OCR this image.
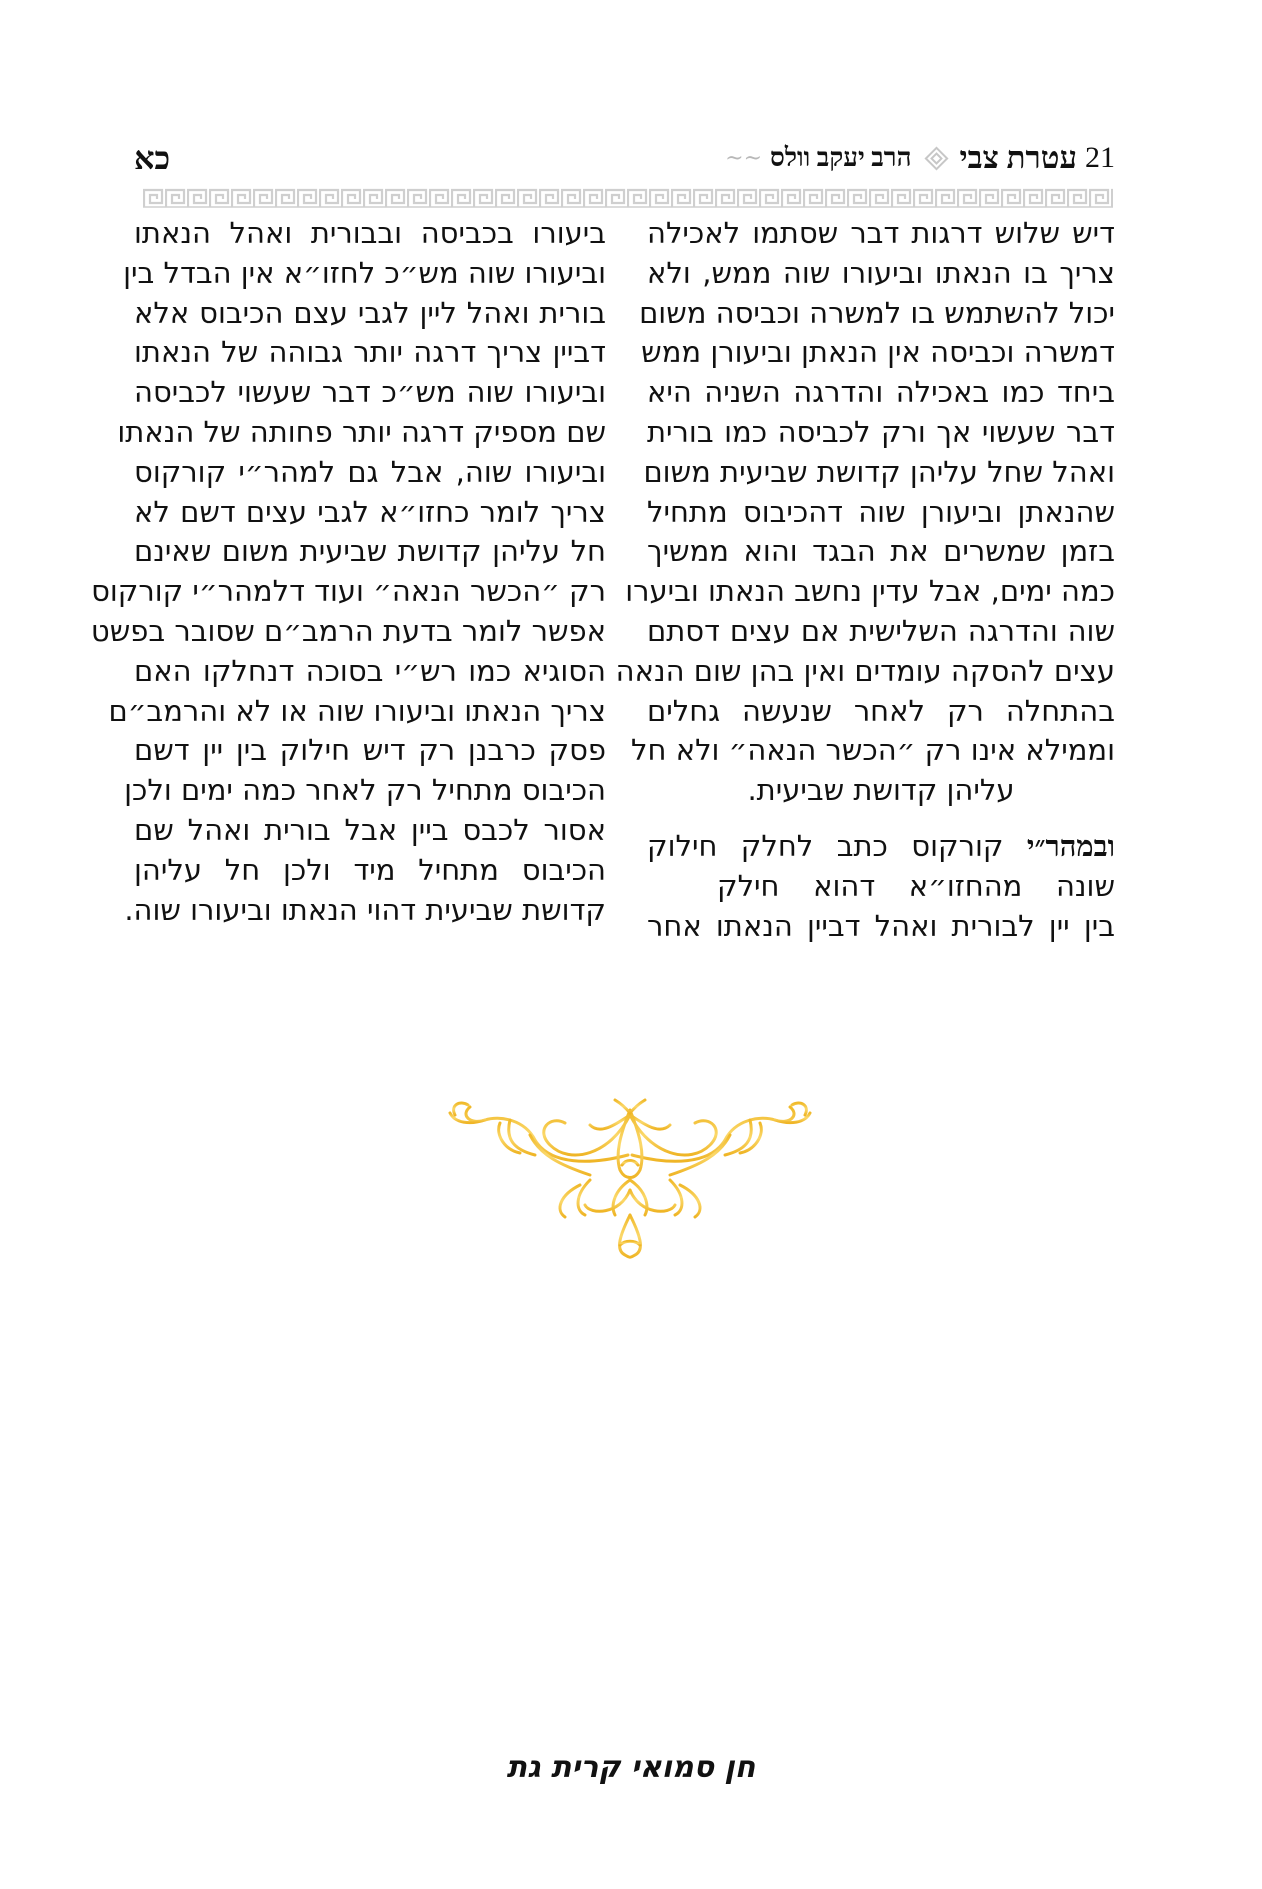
21
עטרת צבי
הרב יעקב וולס
~~
כא
דיש שלוש דרגות דבר שסתמו לאכילה
צריך בו הנאתו וביעורו שוה ממש, ולא
יכול להשתמש בו למשרה וכביסה משום
דמשרה וכביסה אין הנאתן וביעורן ממש
ביחד כמו באכילה והדרגה השניה היא
דבר שעשוי אך ורק לכביסה כמו בורית
ואהל שחל עליהן קדושת שביעית משום
שהנאתן וביעורן שוה דהכיבוס מתחיל
בזמן שמשרים את הבגד והוא ממשיך
כמה ימים, אבל עדין נחשב הנאתו וביערו
שוה והדרגה השלישית אם עצים דסתם
עצים להסקה עומדים ואין בהן שום הנאה
בהתחלה רק לאחר שנעשה גחלים
וממילא אינו רק ״הכשר הנאה״ ולא חל
עליהן קדושת שביעית.
ובמהר״י קורקוס כתב לחלק חילוק
שונה מהחזו״א דהוא חילק
בין יין לבורית ואהל דביין הנאתו אחר
ביעורו בכביסה ובבורית ואהל הנאתו
וביעורו שוה מש״כ לחזו״א אין הבדל בין
בורית ואהל ליין לגבי עצם הכיבוס אלא
דביין צריך דרגה יותר גבוהה של הנאתו
וביעורו שוה מש״כ דבר שעשוי לכביסה
שם מספיק דרגה יותר פחותה של הנאתו
וביעורו שוה, אבל גם למהר״י קורקוס
צריך לומר כחזו״א לגבי עצים דשם לא
חל עליהן קדושת שביעית משום שאינם
רק ״הכשר הנאה״ ועוד דלמהר״י קורקוס
אפשר לומר בדעת הרמב״ם שסובר בפשט
הסוגיא כמו רש״י בסוכה דנחלקו האם
צריך הנאתו וביעורו שוה או לא והרמב״ם
פסק כרבנן רק דיש חילוק בין יין דשם
הכיבוס מתחיל רק לאחר כמה ימים ולכן
אסור לכבס ביין אבל בורית ואהל שם
הכיבוס מתחיל מיד ולכן חל עליהן
קדושת שביעית דהוי הנאתו וביעורו שוה.
חן סמואי קרית גת
